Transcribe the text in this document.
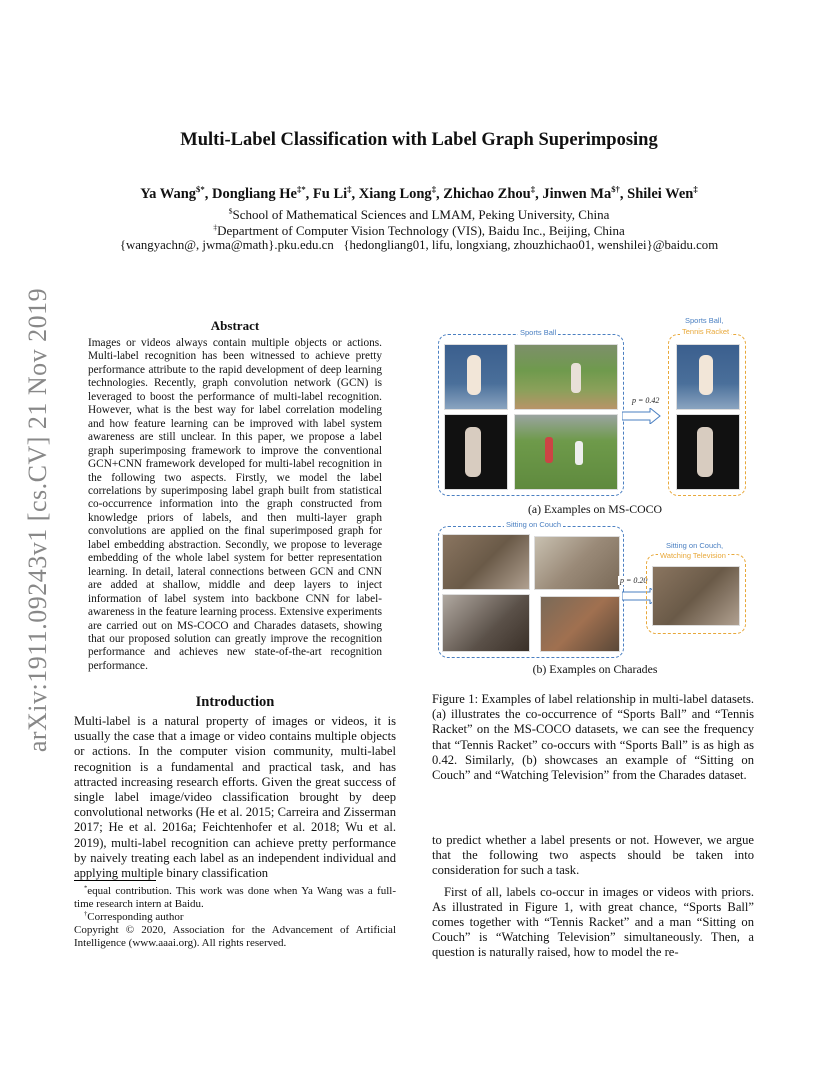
arXiv:1911.09243v1 [cs.CV] 21 Nov 2019
Multi-Label Classification with Label Graph Superimposing
Ya Wang$*, Dongliang He‡*, Fu Li‡, Xiang Long‡, Zhichao Zhou‡, Jinwen Ma$†, Shilei Wen‡
$School of Mathematical Sciences and LMAM, Peking University, China
‡Department of Computer Vision Technology (VIS), Baidu Inc., Beijing, China
{wangyachn@, jwma@math}.pku.edu.cn   {hedongliang01, lifu, longxiang, zhouzhichao01, wenshilei}@baidu.com
Abstract
Images or videos always contain multiple objects or actions. Multi-label recognition has been witnessed to achieve pretty performance attribute to the rapid development of deep learning technologies. Recently, graph convolution network (GCN) is leveraged to boost the performance of multi-label recognition. However, what is the best way for label correlation modeling and how feature learning can be improved with label system awareness are still unclear. In this paper, we propose a label graph superimposing framework to improve the conventional GCN+CNN framework developed for multi-label recognition in the following two aspects. Firstly, we model the label correlations by superimposing label graph built from statistical co-occurrence information into the graph constructed from knowledge priors of labels, and then multi-layer graph convolutions are applied on the final superimposed graph for label embedding abstraction. Secondly, we propose to leverage embedding of the whole label system for better representation learning. In detail, lateral connections between GCN and CNN are added at shallow, middle and deep layers to inject information of label system into backbone CNN for label-awareness in the feature learning process. Extensive experiments are carried out on MS-COCO and Charades datasets, showing that our proposed solution can greatly improve the recognition performance and achieves new state-of-the-art recognition performance.
Introduction
Multi-label is a natural property of images or videos, it is usually the case that a image or video contains multiple objects or actions. In the computer vision community, multi-label recognition is a fundamental and practical task, and has attracted increasing research efforts. Given the great success of single label image/video classification brought by deep convolutional networks (He et al. 2015; Carreira and Zisserman 2017; He et al. 2016a; Feichtenhofer et al. 2018; Wu et al. 2019), multi-label recognition can achieve pretty performance by naively treating each label as an independent individual and applying multiple binary classification

*equal contribution. This work was done when Ya Wang was a full-time research intern at Baidu.

†Corresponding author

Copyright © 2020, Association for the Advancement of Artificial Intelligence (www.aaai.org). All rights reserved.

Sports Ball
p = 0.42
Sports Ball,
Tennis Racket
(a) Examples on MS-COCO
Sitting on Couch
p = 0.20
Sitting on Couch,
Watching Television
(b) Examples on Charades
Figure 1: Examples of label relationship in multi-label datasets. (a) illustrates the co-occurrence of “Sports Ball” and “Tennis Racket” on the MS-COCO datasets, we can see the frequency that “Tennis Racket” co-occurs with “Sports Ball” is as high as 0.42. Similarly, (b) showcases an example of “Sitting on Couch” and “Watching Television” from the Charades dataset.

to predict whether a label presents or not. However, we argue that the following two aspects should be taken into consideration for such a task.

First of all, labels co-occur in images or videos with priors. As illustrated in Figure 1, with great chance, “Sports Ball” comes together with “Tennis Racket” and a man “Sitting on Couch” is “Watching Television” simultaneously. Then, a question is naturally raised, how to model the re-
